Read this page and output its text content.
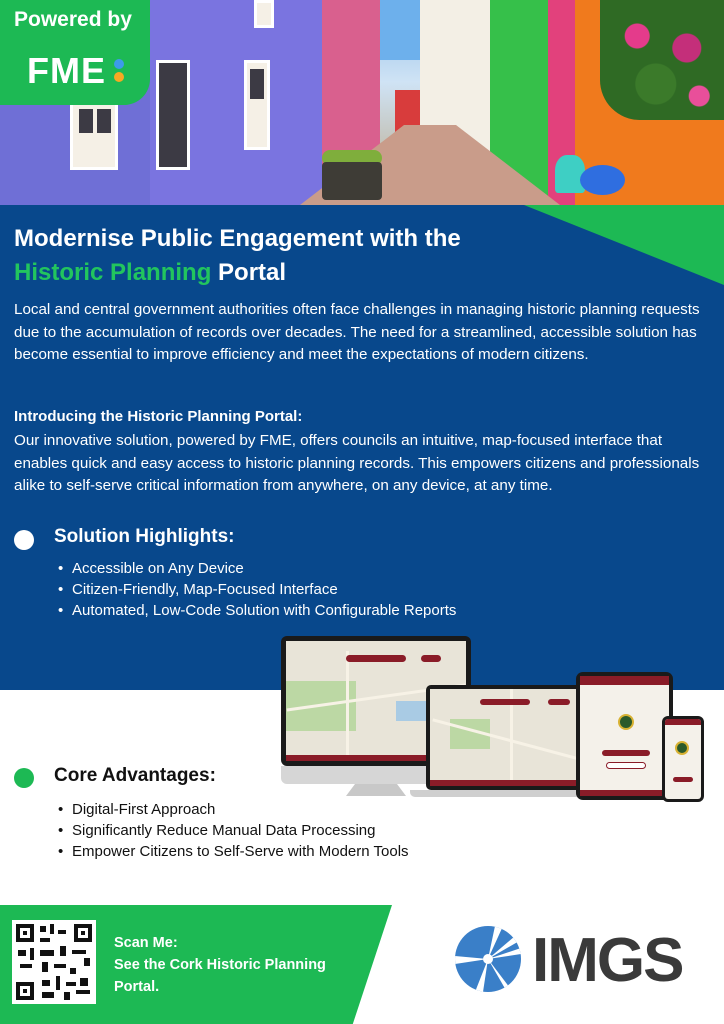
Powered by
FME
Modernise Public Engagement with the
Historic Planning Portal

Local and central government authorities often face challenges in managing historic planning requests due to the accumulation of records over decades. The need for a streamlined, accessible solution has become essential to improve efficiency and meet the expectations of modern citizens.

Introducing the Historic Planning Portal:

Our innovative solution, powered by FME, offers councils an intuitive, map-focused interface that enables quick and easy access to historic planning records. This empowers citizens and professionals alike to self-serve critical information from anywhere, on any device, at any time.

Solution Highlights:
• Accessible on Any Device
• Citizen-Friendly, Map-Focused Interface
• Automated, Low-Code Solution with Configurable Reports
Core Advantages:
• Digital-First Approach
• Significantly Reduce Manual Data Processing
• Empower Citizens to Self-Serve with Modern Tools
Scan Me:
See the Cork Historic Planning
Portal.	IMGS
